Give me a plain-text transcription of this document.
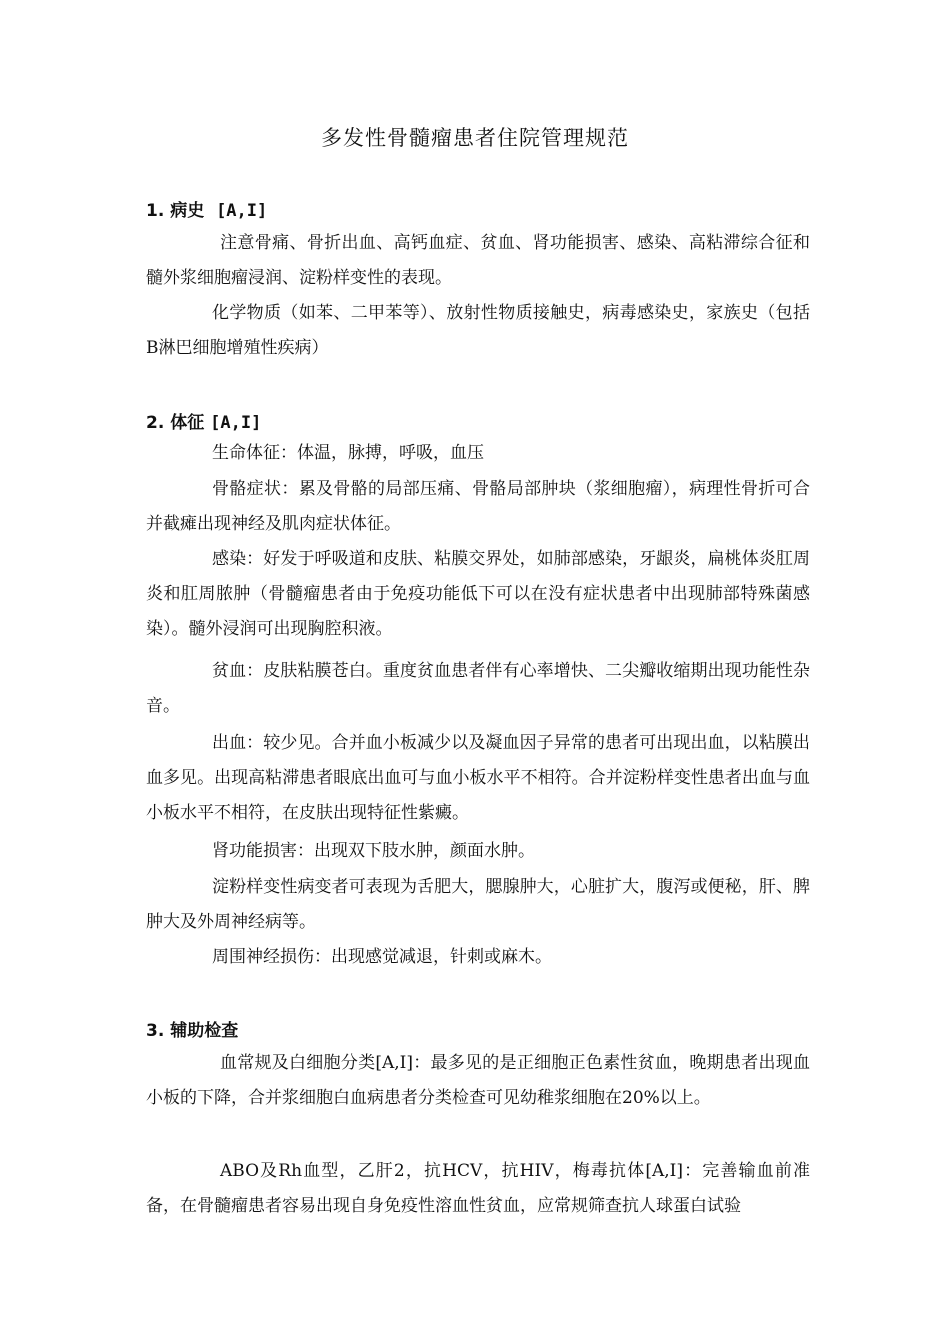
多发性骨髓瘤患者住院管理规范
1. 病史 [A,I]

注意骨痛、骨折出血、高钙血症、贫血、肾功能损害、感染、高粘滞综合征和髓外浆细胞瘤浸润、淀粉样变性的表现。

化学物质（如苯、二甲苯等）、放射性物质接触史，病毒感染史，家族史（包括B淋巴细胞增殖性疾病）

2. 体征 [A,I]

生命体征：体温，脉搏，呼吸，血压

骨骼症状：累及骨骼的局部压痛、骨骼局部肿块（浆细胞瘤），病理性骨折可合并截瘫出现神经及肌肉症状体征。

感染：好发于呼吸道和皮肤、粘膜交界处，如肺部感染，牙龈炎，扁桃体炎肛周炎和肛周脓肿（骨髓瘤患者由于免疫功能低下可以在没有症状患者中出现肺部特殊菌感染）。髓外浸润可出现胸腔积液。

贫血：皮肤粘膜苍白。重度贫血患者伴有心率增快、二尖瓣收缩期出现功能性杂音。

出血：较少见。合并血小板减少以及凝血因子异常的患者可出现出血，以粘膜出血多见。出现高粘滞患者眼底出血可与血小板水平不相符。合并淀粉样变性患者出血与血小板水平不相符，在皮肤出现特征性紫癜。

肾功能损害：出现双下肢水肿，颜面水肿。

淀粉样变性病变者可表现为舌肥大，腮腺肿大，心脏扩大，腹泻或便秘，肝、脾肿大及外周神经病等。

周围神经损伤：出现感觉减退，针刺或麻木。

3. 辅助检查

血常规及白细胞分类[A,I]：最多见的是正细胞正色素性贫血，晚期患者出现血小板的下降，合并浆细胞白血病患者分类检查可见幼稚浆细胞在20%以上。

ABO及Rh血型，乙肝2，抗HCV，抗HIV，梅毒抗体[A,I]：完善输血前准备，在骨髓瘤患者容易出现自身免疫性溶血性贫血，应常规筛查抗人球蛋白试验
